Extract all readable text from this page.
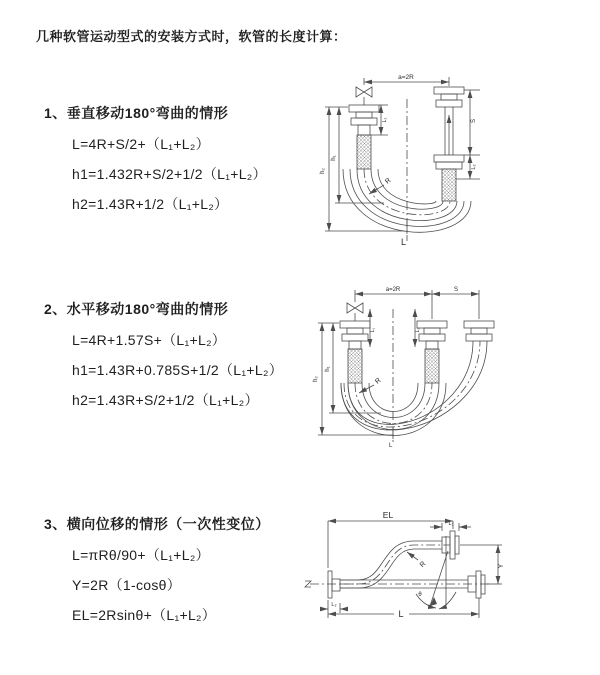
几种软管运动型式的安装方式时，软管的长度计算：
1、垂直移动180°弯曲的情形
L=4R+S/2+（L₁+L₂）
h1=1.432R+S/2+1/2（L₁+L₂）
h2=1.43R+1/2（L₁+L₂）
2、水平移动180°弯曲的情形
L=4R+1.57S+（L₁+L₂）
h1=1.43R+0.785S+1/2（L₁+L₂）
h2=1.43R+S/2+1/2（L₁+L₂）
3、横向位移的情形（一次性变位）
L=πRθ/90+（L₁+L₂）
Y=2R（1-cosθ）
EL=2Rsinθ+（L₁+L₂）
a=2R
h₂
h₁
L₁	S
L₂
R
L
a=2R	S
L₁	L₂
h₂
h₁
R
L
EL
L₁
Y
R
θ
L
L₂
